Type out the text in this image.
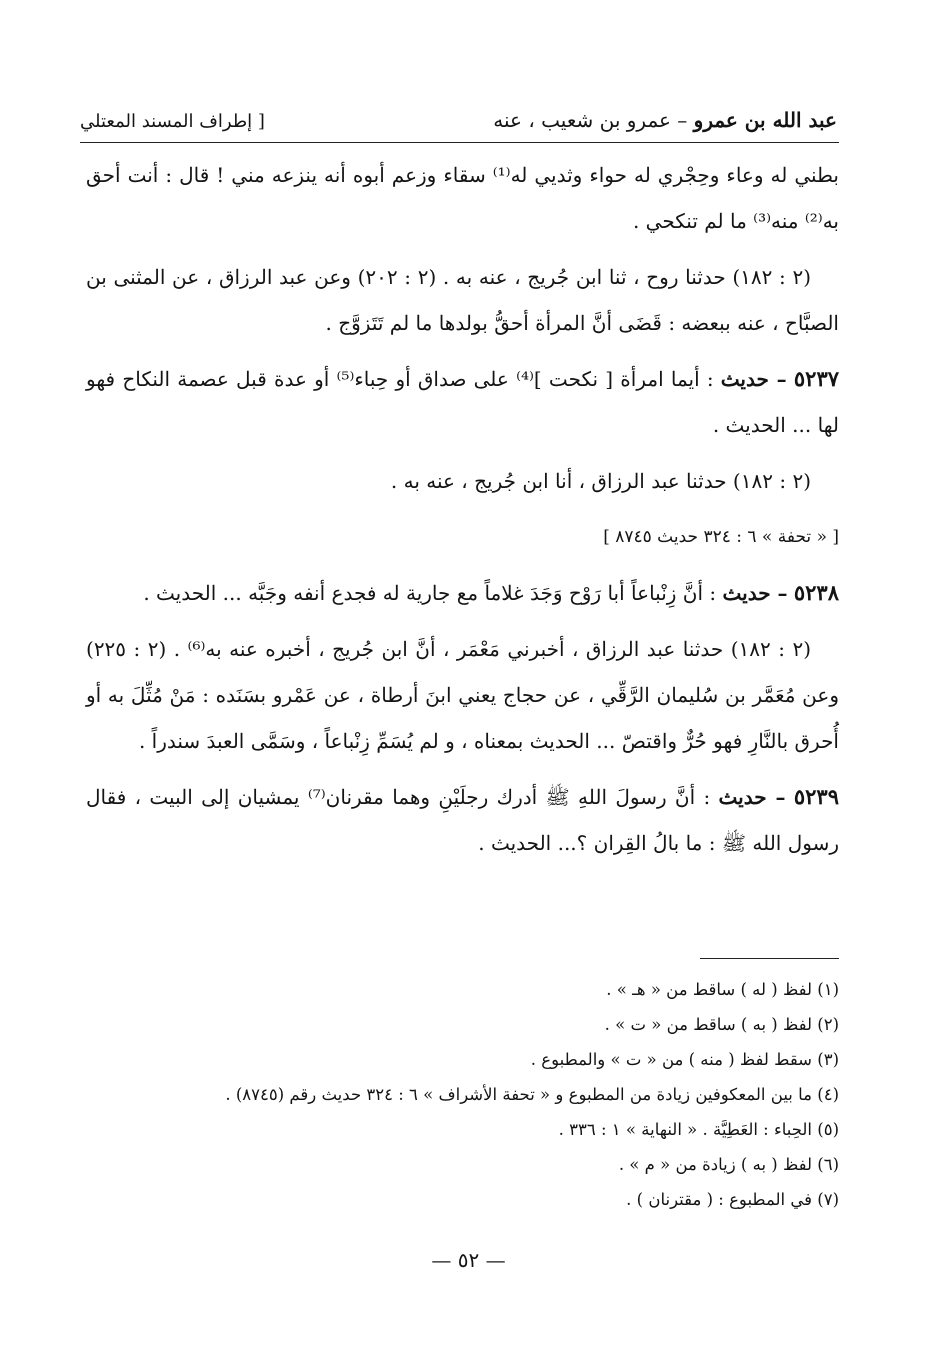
عبد الله بن عمرو – عمرو بن شعيب ، عنه
[ إطراف المسند المعتلي

بطني له وعاء وحِجْري له حواء وثديي له⁽¹⁾ سقاء وزعم أبوه أنه ينزعه مني ! قال : أنت أحق به⁽²⁾ منه⁽³⁾ ما لم تنكحي .

(٢ : ١٨٢) حدثنا روح ، ثنا ابن جُريج ، عنه به . (٢ : ٢٠٢) وعن عبد الرزاق ، عن المثنى بن الصبَّاح ، عنه ببعضه : قَضَى أنَّ المرأة أحقُّ بولدها ما لم تَتَزوَّج .

٥٢٣٧ – حديث : أيما امرأة [ نكحت ]⁽⁴⁾ على صداق أو حِباء⁽⁵⁾ أو عدة قبل عصمة النكاح فهو لها ... الحديث .

(٢ : ١٨٢) حدثنا عبد الرزاق ، أنا ابن جُريج ، عنه به .

[ « تحفة » ٦ : ٣٢٤ حديث ٨٧٤٥ ]

٥٢٣٨ – حديث : أنَّ زِنْباعاً أبا رَوْح وَجَدَ غلاماً مع جارية له فجدع أنفه وجَبَّه ... الحديث .

(٢ : ١٨٢) حدثنا عبد الرزاق ، أخبرني مَعْمَر ، أنَّ ابن جُريج ، أخبره عنه به⁽⁶⁾ . (٢ : ٢٢٥) وعن مُعَمَّر بن سُليمان الرَّقِّي ، عن حجاج يعني ابنَ أرطاة ، عن عَمْرو بسَنَده : مَنْ مُثِّلَ به أو أُحرق بالنَّارِ فهو حُرٌّ واقتصّ ... الحديث بمعناه ، و لم يُسَمِّ زِنْباعاً ، وسَمَّى العبدَ سندراً .

٥٢٣٩ – حديث : أنَّ رسولَ اللهِ ﷺ أدرك رجلَيْنِ وهما مقرنان⁽⁷⁾ يمشيان إلى البيت ، فقال رسول الله ﷺ : ما بالُ القِران ؟... الحديث .

(١) لفظ ( له ) ساقط من « هـ » .
(٢) لفظ ( به ) ساقط من « ت » .
(٣) سقط لفظ ( منه ) من « ت » والمطبوع .
(٤) ما بين المعكوفين زيادة من المطبوع و « تحفة الأشراف » ٦ : ٣٢٤ حديث رقم (٨٧٤٥) .
(٥) الحِباء : العَطِيَّة . « النهاية » ١ : ٣٣٦ .
(٦) لفظ ( به ) زيادة من « م » .
(٧) في المطبوع : ( مقترنان ) .
— ٥٢ —
